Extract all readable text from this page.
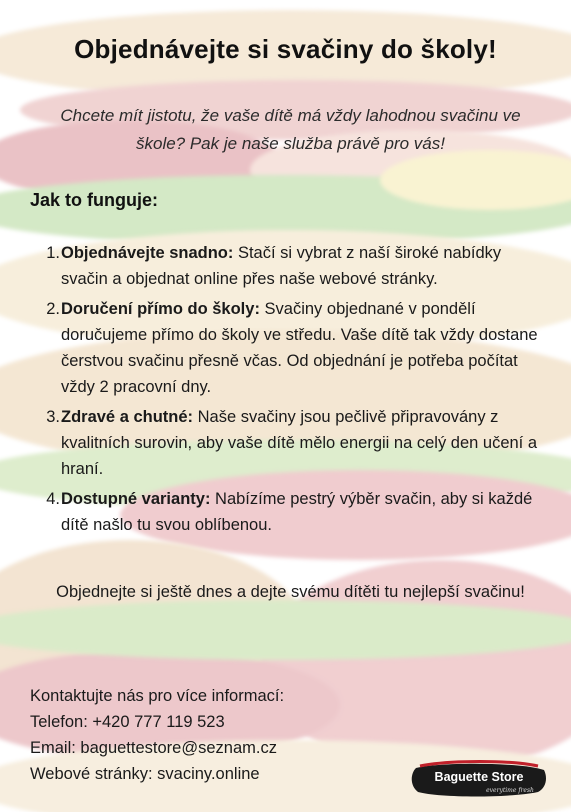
Objednávejte si svačiny do školy!

Chcete mít jistotu, že vaše dítě má vždy lahodnou svačinu ve škole? Pak je naše služba právě pro vás!

Jak to funguje:
1. Objednávejte snadno: Stačí si vybrat z naší široké nabídky svačin a objednat online přes naše webové stránky.
2. Doručení přímo do školy: Svačiny objednané v pondělí doručujeme přímo do školy ve středu. Vaše dítě tak vždy dostane čerstvou svačinu přesně včas. Od objednání je potřeba počítat vždy 2 pracovní dny.
3. Zdravé a chutné: Naše svačiny jsou pečlivě připravovány z kvalitních surovin, aby vaše dítě mělo energii na celý den učení a hraní.
4. Dostupné varianty: Nabízíme pestrý výběr svačin, aby si každé dítě našlo tu svou oblíbenou.

Objednejte si ještě dnes a dejte svému dítěti tu nejlepší svačinu!

Kontaktujte nás pro více informací:
Telefon: +420 777 119 523
Email: baguettestore@seznam.cz
Webové stránky: svaciny.online	Baguette Store
everytime fresh
